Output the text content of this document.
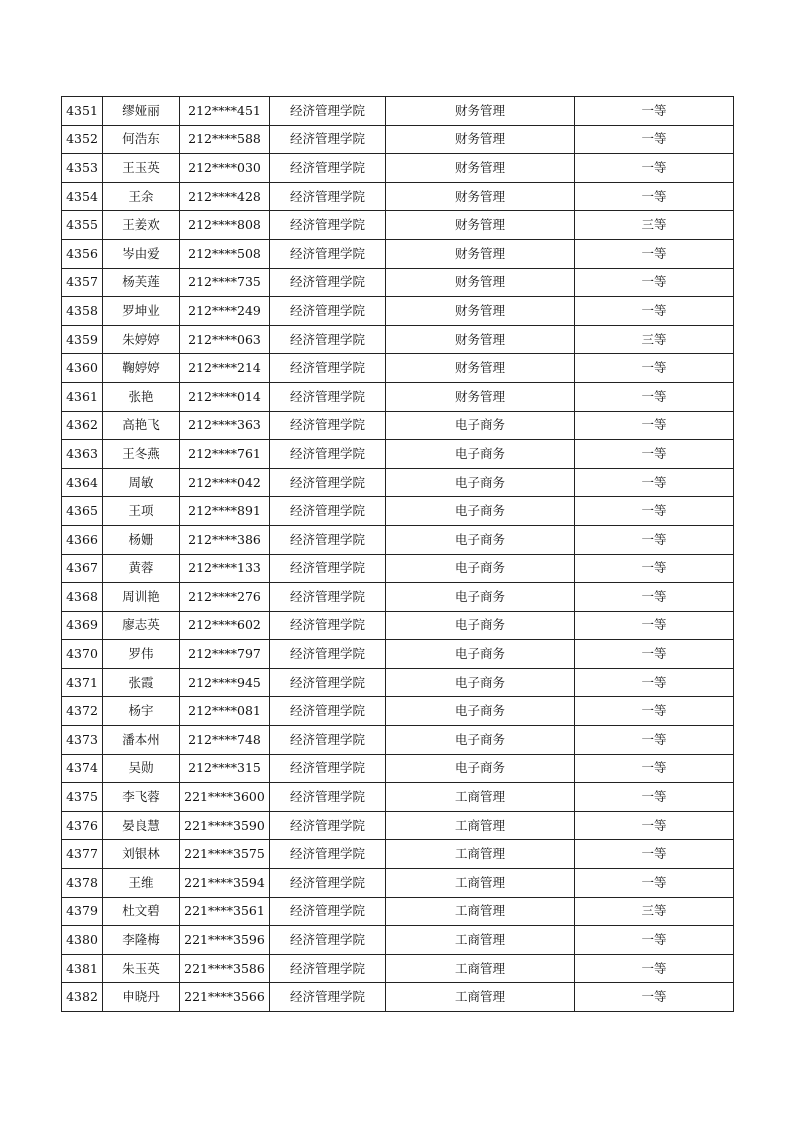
4351	缪娅丽	212****451	经济管理学院	财务管理	一等
4352	何浩东	212****588	经济管理学院	财务管理	一等
4353	王玉英	212****030	经济管理学院	财务管理	一等
4354	王余	212****428	经济管理学院	财务管理	一等
4355	王姜欢	212****808	经济管理学院	财务管理	三等
4356	岑由爱	212****508	经济管理学院	财务管理	一等
4357	杨芙莲	212****735	经济管理学院	财务管理	一等
4358	罗坤业	212****249	经济管理学院	财务管理	一等
4359	朱婷婷	212****063	经济管理学院	财务管理	三等
4360	鞠婷婷	212****214	经济管理学院	财务管理	一等
4361	张艳	212****014	经济管理学院	财务管理	一等
4362	高艳飞	212****363	经济管理学院	电子商务	一等
4363	王冬燕	212****761	经济管理学院	电子商务	一等
4364	周敏	212****042	经济管理学院	电子商务	一等
4365	王项	212****891	经济管理学院	电子商务	一等
4366	杨姗	212****386	经济管理学院	电子商务	一等
4367	黄蓉	212****133	经济管理学院	电子商务	一等
4368	周训艳	212****276	经济管理学院	电子商务	一等
4369	廖志英	212****602	经济管理学院	电子商务	一等
4370	罗伟	212****797	经济管理学院	电子商务	一等
4371	张霞	212****945	经济管理学院	电子商务	一等
4372	杨宇	212****081	经济管理学院	电子商务	一等
4373	潘本州	212****748	经济管理学院	电子商务	一等
4374	吴勋	212****315	经济管理学院	电子商务	一等
4375	李飞蓉	221****3600	经济管理学院	工商管理	一等
4376	晏良慧	221****3590	经济管理学院	工商管理	一等
4377	刘银林	221****3575	经济管理学院	工商管理	一等
4378	王维	221****3594	经济管理学院	工商管理	一等
4379	杜文碧	221****3561	经济管理学院	工商管理	三等
4380	李隆梅	221****3596	经济管理学院	工商管理	一等
4381	朱玉英	221****3586	经济管理学院	工商管理	一等
4382	申晓丹	221****3566	经济管理学院	工商管理	一等
